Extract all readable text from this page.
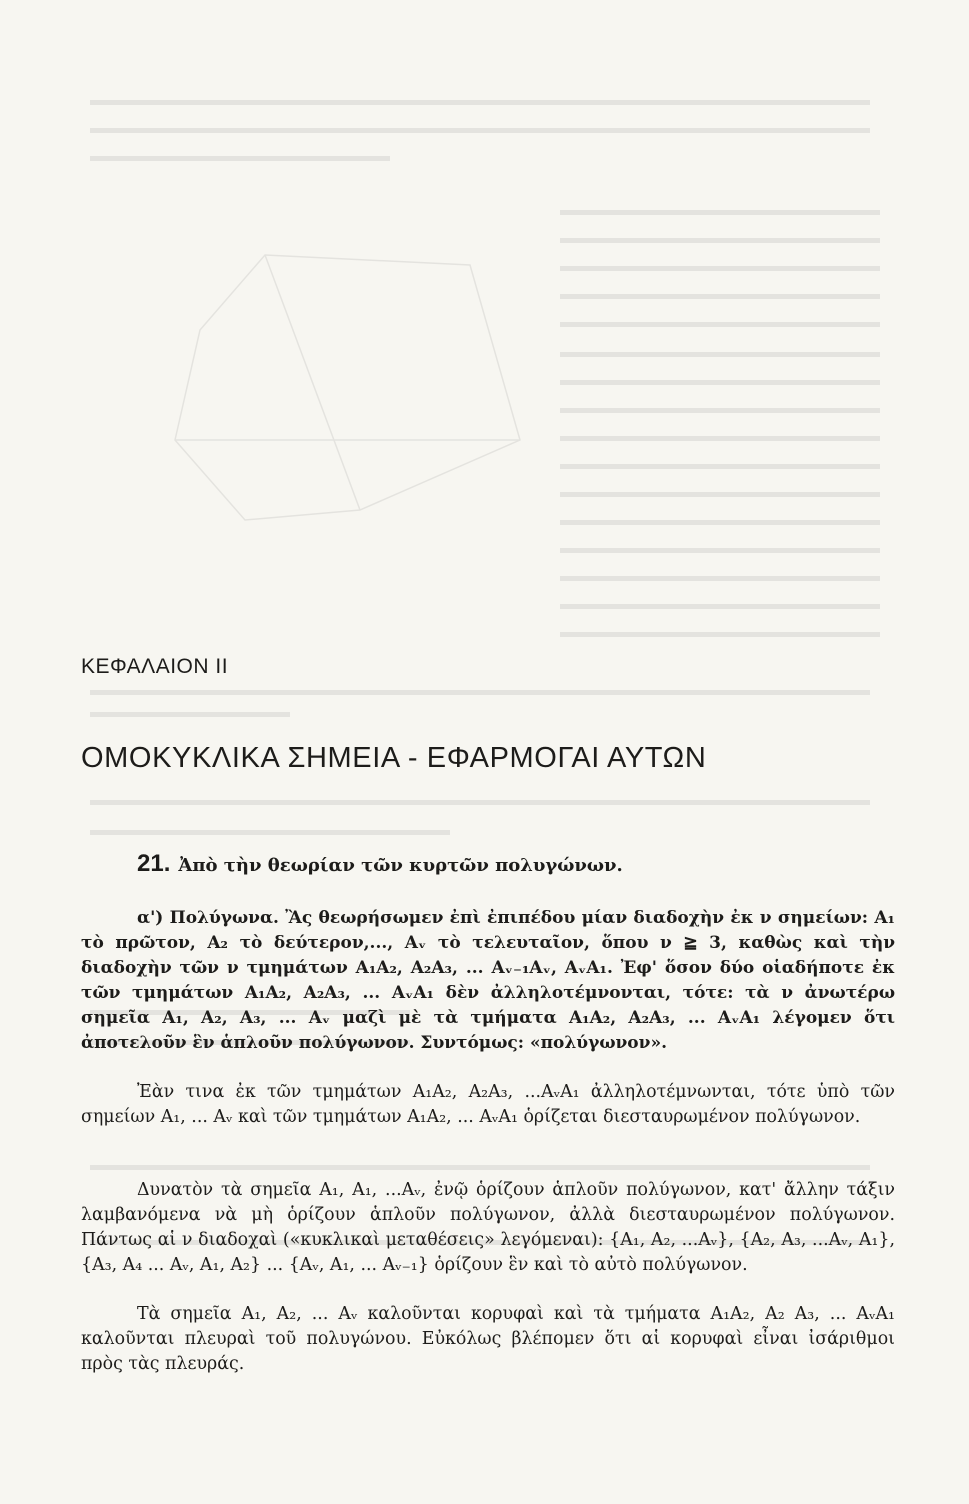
ΚΕΦΑΛΑΙΟΝ ΙΙ
ΟΜΟΚΥΚΛΙΚΑ ΣΗΜΕΙΑ - ΕΦΑΡΜΟΓΑΙ ΑΥΤΩΝ
21. Ἀπὸ τὴν θεωρίαν τῶν κυρτῶν πολυγώνων.

α') Πολύγωνα. Ἂς θεωρήσωμεν ἐπὶ ἐπιπέδου μίαν διαδοχὴν ἐκ ν σημείων: A₁ τὸ πρῶτον, A₂ τὸ δεύτερον,..., Aᵥ τὸ τελευταῖον, ὅπου ν ≧ 3, καθὼς καὶ τὴν διαδοχὴν τῶν ν τμημάτων A₁A₂, A₂A₃, ... Aᵥ₋₁Aᵥ, AᵥA₁. Ἐφ' ὅσον δύο οἱαδήποτε ἐκ τῶν τμημάτων A₁A₂, A₂A₃, ... AᵥA₁ δὲν ἀλληλοτέμνονται, τότε: τὰ ν ἀνωτέρω σημεῖα A₁, A₂, A₃, ... Aᵥ μαζὶ μὲ τὰ τμήματα A₁A₂, A₂A₃, ... AᵥA₁ λέγομεν ὅτι ἀποτελοῦν ἓν ἁπλοῦν πολύγωνον. Συντόμως: «πολύγωνον».

Ἐὰν τινα ἐκ τῶν τμημάτων A₁A₂, A₂A₃, ...AᵥA₁ ἀλληλοτέμνωνται, τότε ὑπὸ τῶν σημείων A₁, ... Aᵥ καὶ τῶν τμημάτων A₁A₂, ... AᵥA₁ ὁρίζεται διεσταυρωμένον πολύγωνον.

Δυνατὸν τὰ σημεῖα A₁, A₁, ...Aᵥ, ἐνῷ ὁρίζουν ἁπλοῦν πολύγωνον, κατ' ἄλλην τάξιν λαμβανόμενα νὰ μὴ ὁρίζουν ἁπλοῦν πολύγωνον, ἀλλὰ διεσταυρωμένον πολύγωνον. Πάντως αἱ ν διαδοχαὶ («κυκλικαὶ μεταθέσεις» λεγόμεναι): {A₁, A₂, ...Aᵥ}, {A₂, A₃, ...Aᵥ, A₁}, {A₃, A₄ ... Aᵥ, A₁, A₂} ... {Aᵥ, A₁, ... Aᵥ₋₁} ὁρίζουν ἓν καὶ τὸ αὐτὸ πολύγωνον.

Τὰ σημεῖα A₁, A₂, ... Aᵥ καλοῦνται κορυφαὶ καὶ τὰ τμήματα A₁A₂, A₂ A₃, ... AᵥA₁ καλοῦνται πλευραὶ τοῦ πολυγώνου. Εὐκόλως βλέπομεν ὅτι αἱ κορυφαὶ εἶναι ἰσάριθμοι πρὸς τὰς πλευράς.
